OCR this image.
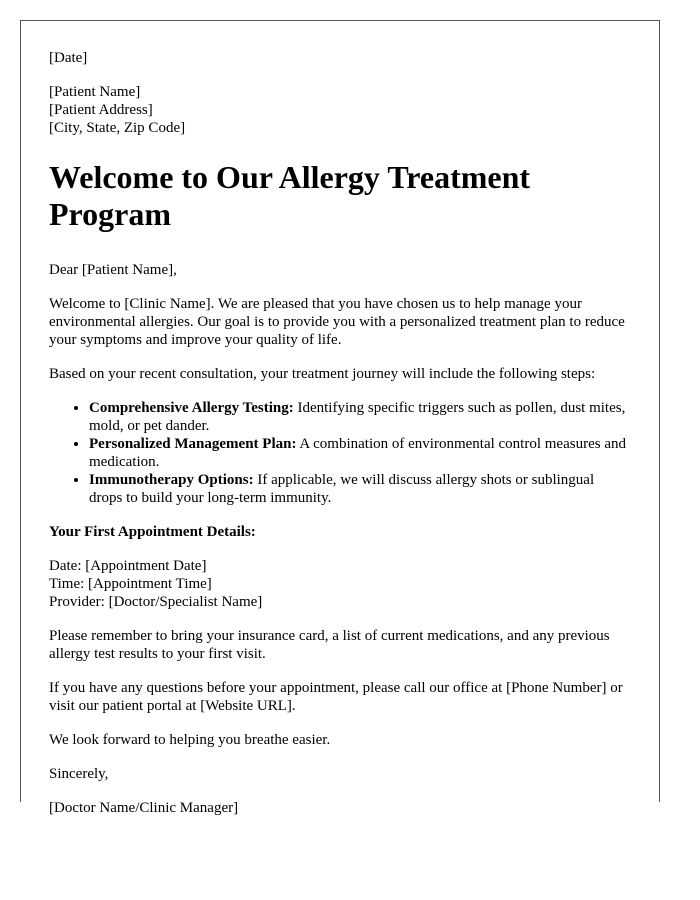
[Date]
[Patient Name]
[Patient Address]
[City, State, Zip Code]
Welcome to Our Allergy Treatment Program

Dear [Patient Name],

Welcome to [Clinic Name]. We are pleased that you have chosen us to help manage your environmental allergies. Our goal is to provide you with a personalized treatment plan to reduce your symptoms and improve your quality of life.

Based on your recent consultation, your treatment journey will include the following steps:

• Comprehensive Allergy Testing: Identifying specific triggers such as pollen, dust mites, mold, or pet dander.
• Personalized Management Plan: A combination of environmental control measures and medication.
• Immunotherapy Options: If applicable, we will discuss allergy shots or sublingual drops to build your long-term immunity.

Your First Appointment Details:

Date: [Appointment Date]
Time: [Appointment Time]
Provider: [Doctor/Specialist Name]

Please remember to bring your insurance card, a list of current medications, and any previous allergy test results to your first visit.

If you have any questions before your appointment, please call our office at [Phone Number] or visit our patient portal at [Website URL].

We look forward to helping you breathe easier.

Sincerely,

[Doctor Name/Clinic Manager]
